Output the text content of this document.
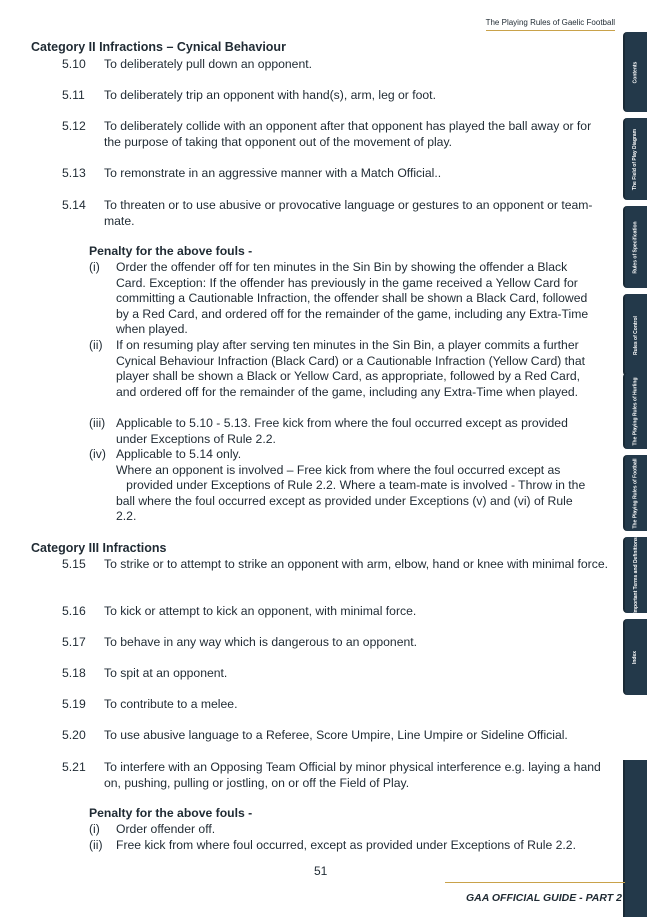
The Playing Rules of Gaelic Football
Category II Infractions – Cynical Behaviour
5.10	To deliberately pull down an opponent.
5.11	To deliberately trip an opponent with hand(s), arm, leg or foot.
5.12	To deliberately collide with an opponent after that opponent has played the ball away or for the purpose of taking that opponent out of the movement of play.
5.13	To remonstrate in an aggressive manner with a Match Official..
5.14	To threaten or to use abusive or provocative language or gestures to an opponent or team-mate.
Penalty for the above fouls -
(i)	Order the offender off for ten minutes in the Sin Bin by showing the offender a Black Card. Exception: If the offender has previously in the game received a Yellow Card for committing a Cautionable Infraction, the offender shall be shown a Black Card, followed by a Red Card, and ordered off for the remainder of the game, including any Extra-Time when played.
(ii)	If on resuming play after serving ten minutes in the Sin Bin, a player commits a further Cynical Behaviour Infraction (Black Card) or a Cautionable Infraction (Yellow Card) that player shall be shown a Black or Yellow Card, as appropriate, followed by a Red Card, and ordered off for the remainder of the game, including any Extra-Time when played.
(iii) Applicable to 5.10 - 5.13. Free kick from where the foul occurred except as provided under Exceptions of Rule 2.2.
(iv) Applicable to 5.14 only.
Where an opponent is involved – Free kick from where the foul occurred except as
provided under Exceptions of Rule 2.2. Where a team-mate is involved - Throw in the ball where the foul occurred except as provided under Exceptions (v) and (vi) of Rule 2.2.
Category III Infractions
5.15	To strike or to attempt to strike an opponent with arm, elbow, hand or knee with minimal force.
5.16	To kick or attempt to kick an opponent, with minimal force.
5.17	To behave in any way which is dangerous to an opponent.
5.18	To spit at an opponent.
5.19	To contribute to a melee.
5.20	To use abusive language to a Referee, Score Umpire, Line Umpire or Sideline Official.
5.21	To interfere with an Opposing Team Official by minor physical interference e.g. laying a hand on, pushing, pulling or jostling, on or off the Field of Play.
Penalty for the above fouls -
(i)	Order offender off.
(ii)	Free kick from where foul occurred, except as provided under Exceptions of Rule 2.2.
Contents
The Field of Play Diagram
Rules of Specification
Rules of Control
The Playing Rules of Hurling
The Playing Rules of Football
Important Terms and Definitions
Index
51
GAA OFFICIAL GUIDE - PART 2
